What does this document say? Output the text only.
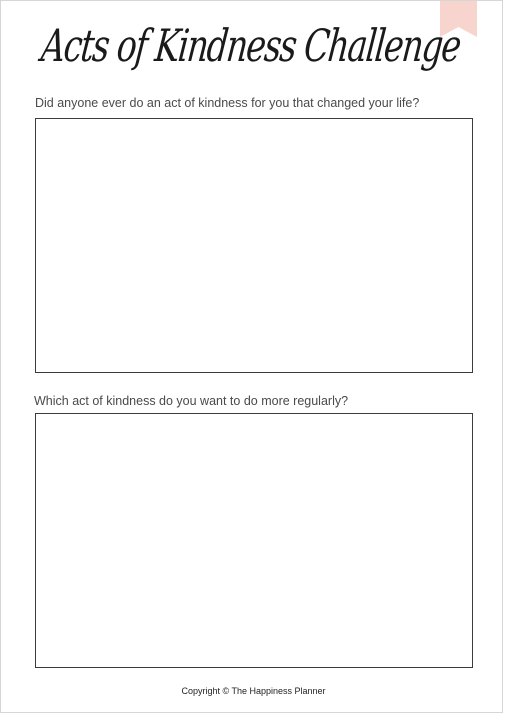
Acts of Kindness Challenge
Did anyone ever do an act of kindness for you that changed your life?
Which act of kindness do you want to do more regularly?
Copyright © The Happiness Planner
